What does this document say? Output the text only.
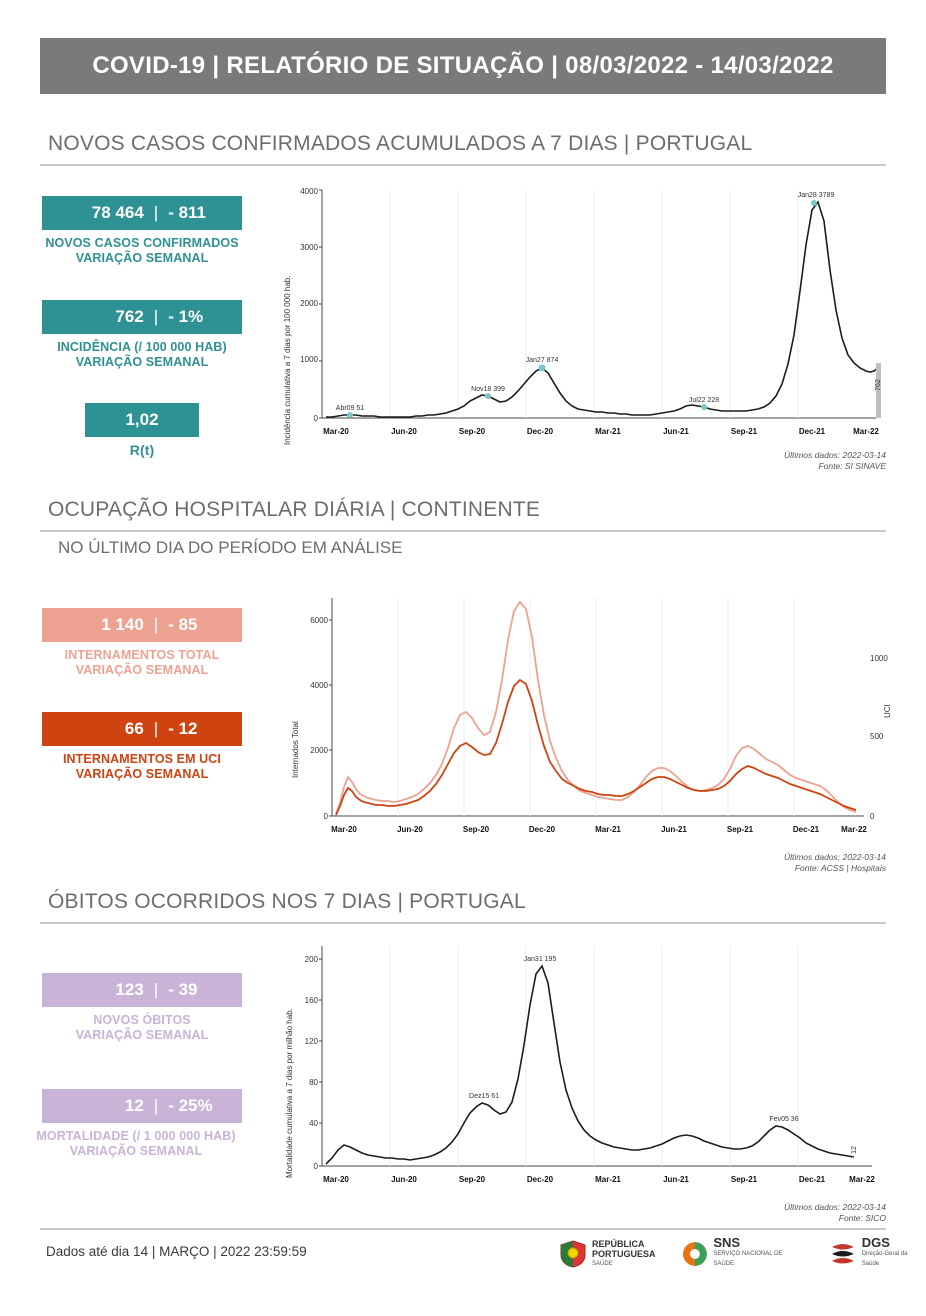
COVID-19 | RELATÓRIO DE SITUAÇÃO | 08/03/2022 - 14/03/2022
NOVOS CASOS CONFIRMADOS ACUMULADOS A 7 DIAS | PORTUGAL
78 464 | - 811
NOVOS CASOS CONFIRMADOS
VARIAÇÃO SEMANAL
762 | - 1%
INCIDÊNCIA (/ 100 000 HAB)
VARIAÇÃO SEMANAL
1,02
R(t)
Incidência cumulativa a 7 dias por 100 000 hab.
4000
3000
2000
1000
0
Mar-20	Jun-20	Sep-20	Dec-20	Mar-21	Jun-21	Sep-21	Dec-21	Mar-22
Abr09 51
Nov18 399
Jan27 874
Jul22 228
Jan28 3789
762
Últimos dados: 2022-03-14
Fonte: SI SINAVE
OCUPAÇÃO HOSPITALAR DIÁRIA | CONTINENTE
NO ÚLTIMO DIA DO PERÍODO EM ANÁLISE
1 140 | - 85
INTERNAMENTOS TOTAL
VARIAÇÃO SEMANAL
66 | - 12
INTERNAMENTOS EM UCI
VARIAÇÃO SEMANAL	Internados Total
UCI
6000
4000
2000
0
1000
500
0
Mar-20	Jun-20	Sep-20	Dec-20	Mar-21	Jun-21	Sep-21	Dec-21	Mar-22
Últimos dados: 2022-03-14
Fonte: ACSS | Hospitais
ÓBITOS OCORRIDOS NOS 7 DIAS | PORTUGAL
123 | - 39
NOVOS ÓBITOS
VARIAÇÃO SEMANAL
12 | - 25%
MORTALIDADE (/ 1 000 000 HAB)
VARIAÇÃO SEMANAL	Mortalidade cumulativa a 7 dias por milhão hab.
200
160
120
80
40
0
Mar-20	Jun-20	Sep-20	Dec-20	Mar-21	Jun-21	Sep-21	Dec-21	Mar-22
Dez15 61
Jan31 195
Fev05 36
12
Últimos dados: 2022-03-14
Fonte: SICO
Dados até dia 14 | MARÇO | 2022 23:59:59
REPÚBLICA
PORTUGUESA
SAÚDE
SNS
SERVIÇO NACIONAL DE SAÚDE
DGS
Direção-Geral da Saúde
